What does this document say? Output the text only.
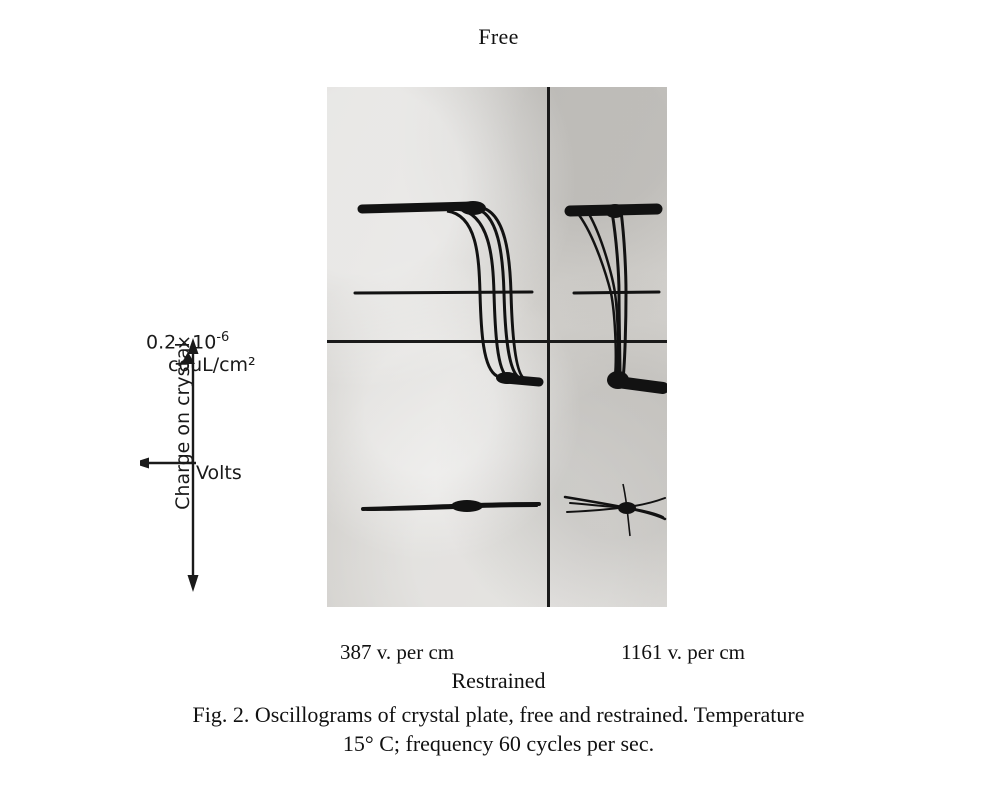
Free
$0.2\times 10^{-6}$
couL/cm²
Charge on crystal Volts
387 v. per cm	1161 v. per cm
Restrained
Fig. 2. Oscillograms of crystal plate, free and restrained. Temperature
15° C; frequency 60 cycles per sec.
